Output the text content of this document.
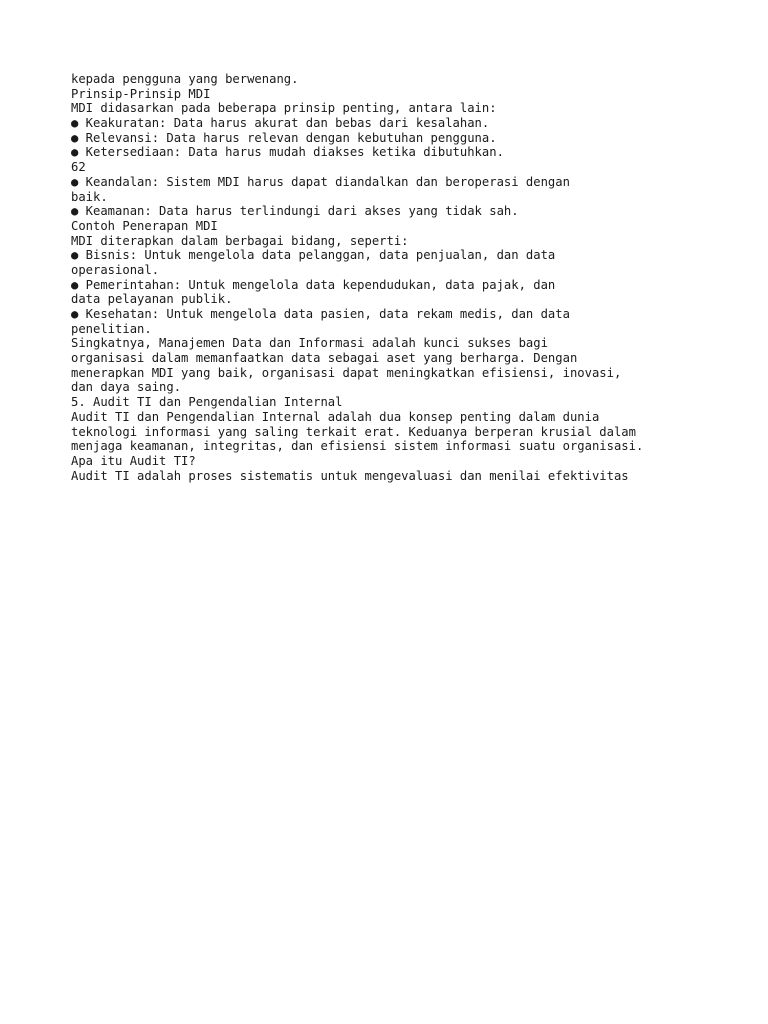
kepada pengguna yang berwenang.

Prinsip-Prinsip MDI

MDI didasarkan pada beberapa prinsip penting, antara lain:

● Keakuratan: Data harus akurat dan bebas dari kesalahan.

● Relevansi: Data harus relevan dengan kebutuhan pengguna.

● Ketersediaan: Data harus mudah diakses ketika dibutuhkan.

62

● Keandalan: Sistem MDI harus dapat diandalkan dan beroperasi dengan

baik.

● Keamanan: Data harus terlindungi dari akses yang tidak sah.

Contoh Penerapan MDI

MDI diterapkan dalam berbagai bidang, seperti:

● Bisnis: Untuk mengelola data pelanggan, data penjualan, dan data

operasional.

● Pemerintahan: Untuk mengelola data kependudukan, data pajak, dan

data pelayanan publik.

● Kesehatan: Untuk mengelola data pasien, data rekam medis, dan data

penelitian.

Singkatnya, Manajemen Data dan Informasi adalah kunci sukses bagi

organisasi dalam memanfaatkan data sebagai aset yang berharga. Dengan

menerapkan MDI yang baik, organisasi dapat meningkatkan efisiensi, inovasi,

dan daya saing.

5. Audit TI dan Pengendalian Internal

Audit TI dan Pengendalian Internal adalah dua konsep penting dalam dunia

teknologi informasi yang saling terkait erat. Keduanya berperan krusial dalam

menjaga keamanan, integritas, dan efisiensi sistem informasi suatu organisasi.

Apa itu Audit TI?

Audit TI adalah proses sistematis untuk mengevaluasi dan menilai efektivitas
